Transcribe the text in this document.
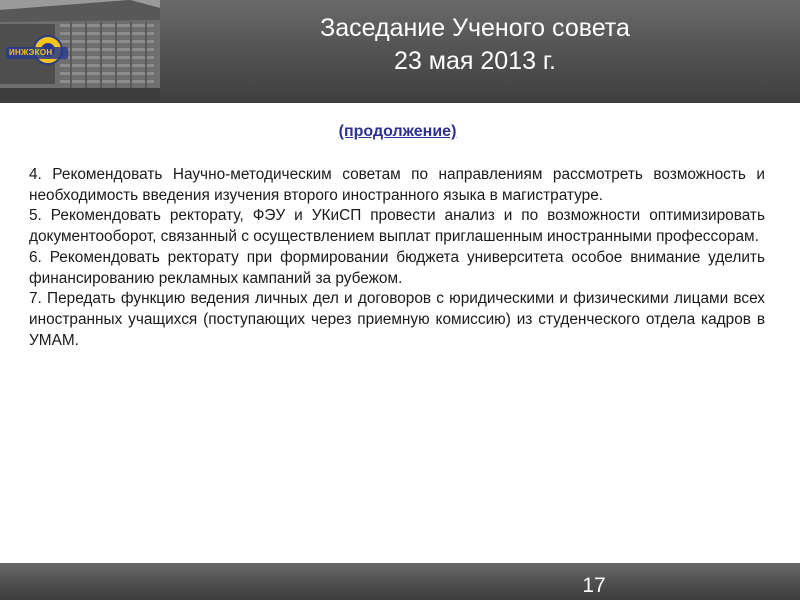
ИНЖЭКОН
Заседание Ученого совета
23 мая 2013 г.
(продолжение)

4. Рекомендовать Научно-методическим советам по направлениям рассмотреть возможность и необходимость введения изучения второго иностранного языка в магистратуре.

5. Рекомендовать ректорату, ФЭУ и УКиСП провести анализ и по возможности оптимизировать документооборот, связанный с осуществлением выплат приглашенным иностранными профессорам.

6. Рекомендовать ректорату при формировании бюджета университета особое внимание уделить финансированию рекламных кампаний за рубежом.

7. Передать функцию ведения личных дел и договоров с юридическими и физическими лицами всех иностранных учащихся (поступающих через приемную комиссию) из студенческого отдела кадров в УМАМ.

17
